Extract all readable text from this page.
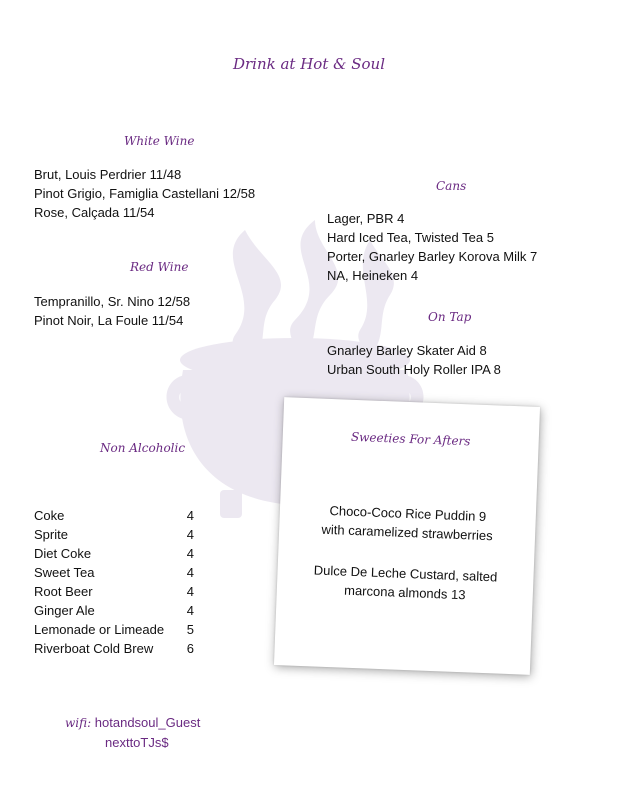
Drink at Hot & Soul
White Wine
Brut, Louis Perdrier 11/48
Pinot Grigio, Famiglia Castellani 12/58
Rose, Calçada 11/54
Red Wine
Tempranillo, Sr. Nino 12/58
Pinot Noir, La Foule 11/54
Cans
Lager, PBR 4
Hard Iced Tea, Twisted Tea 5
Porter, Gnarley Barley Korova Milk 7
NA, Heineken 4
On Tap
Gnarley Barley Skater Aid 8
Urban South Holy Roller IPA 8
Non Alcoholic
Coke	4
Sprite	4
Diet Coke	4
Sweet Tea	4
Root Beer	4
Ginger Ale	4
Lemonade or Limeade	5
Riverboat Cold Brew	6
Sweeties For Afters
Choco-Coco Rice Puddin 9
with caramelized strawberries
Dulce De Leche Custard, salted
marcona almonds 13
wifi: hotandsoul_Guest
nexttoTJs$
